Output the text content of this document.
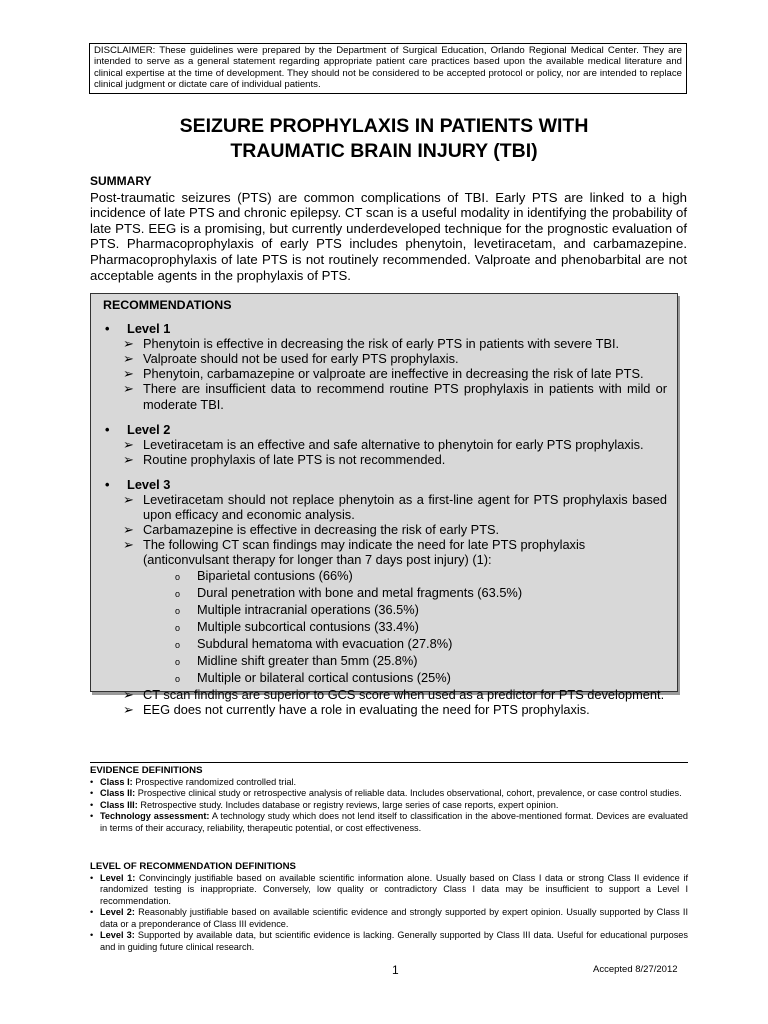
DISCLAIMER: These guidelines were prepared by the Department of Surgical Education, Orlando Regional Medical Center. They are intended to serve as a general statement regarding appropriate patient care practices based upon the available medical literature and clinical expertise at the time of development. They should not be considered to be accepted protocol or policy, nor are intended to replace clinical judgment or dictate care of individual patients.
SEIZURE PROPHYLAXIS IN PATIENTS WITH
TRAUMATIC BRAIN INJURY (TBI)
SUMMARY
Post-traumatic seizures (PTS) are common complications of TBI. Early PTS are linked to a high incidence of late PTS and chronic epilepsy. CT scan is a useful modality in identifying the probability of late PTS. EEG is a promising, but currently underdeveloped technique for the prognostic evaluation of PTS. Pharmacoprophylaxis of early PTS includes phenytoin, levetiracetam, and carbamazepine. Pharmacoprophylaxis of late PTS is not routinely recommended. Valproate and phenobarbital are not acceptable agents in the prophylaxis of PTS.
RECOMMENDATIONS
•	Level 1
➢ Phenytoin is effective in decreasing the risk of early PTS in patients with severe TBI.
➢ Valproate should not be used for early PTS prophylaxis.
➢ Phenytoin, carbamazepine or valproate are ineffective in decreasing the risk of late PTS.
➢ There are insufficient data to recommend routine PTS prophylaxis in patients with mild or moderate TBI.
•	Level 2
➢ Levetiracetam is an effective and safe alternative to phenytoin for early PTS prophylaxis.
➢ Routine prophylaxis of late PTS is not recommended.
•	Level 3
➢ Levetiracetam should not replace phenytoin as a first-line agent for PTS prophylaxis based upon efficacy and economic analysis.
➢ Carbamazepine is effective in decreasing the risk of early PTS.
➢ The following CT scan findings may indicate the need for late PTS prophylaxis (anticonvulsant therapy for longer than 7 days post injury) (1):
o	Biparietal contusions (66%)
o	Dural penetration with bone and metal fragments (63.5%)
o	Multiple intracranial operations (36.5%)
o	Multiple subcortical contusions (33.4%)
o	Subdural hematoma with evacuation (27.8%)
o	Midline shift greater than 5mm (25.8%)
o	Multiple or bilateral cortical contusions (25%)
➢ CT scan findings are superior to GCS score when used as a predictor for PTS development.
➢ EEG does not currently have a role in evaluating the need for PTS prophylaxis.
EVIDENCE DEFINITIONS
• Class I: Prospective randomized controlled trial.
• Class II: Prospective clinical study or retrospective analysis of reliable data. Includes observational, cohort, prevalence, or case control studies.
• Class III: Retrospective study. Includes database or registry reviews, large series of case reports, expert opinion.
• Technology assessment: A technology study which does not lend itself to classification in the above-mentioned format. Devices are evaluated in terms of their accuracy, reliability, therapeutic potential, or cost effectiveness.
LEVEL OF RECOMMENDATION DEFINITIONS
• Level 1: Convincingly justifiable based on available scientific information alone. Usually based on Class I data or strong Class II evidence if randomized testing is inappropriate. Conversely, low quality or contradictory Class I data may be insufficient to support a Level I recommendation.
• Level 2: Reasonably justifiable based on available scientific evidence and strongly supported by expert opinion. Usually supported by Class II data or a preponderance of Class III evidence.
• Level 3: Supported by available data, but scientific evidence is lacking. Generally supported by Class III data. Useful for educational purposes and in guiding future clinical research.
1	Accepted 8/27/2012
